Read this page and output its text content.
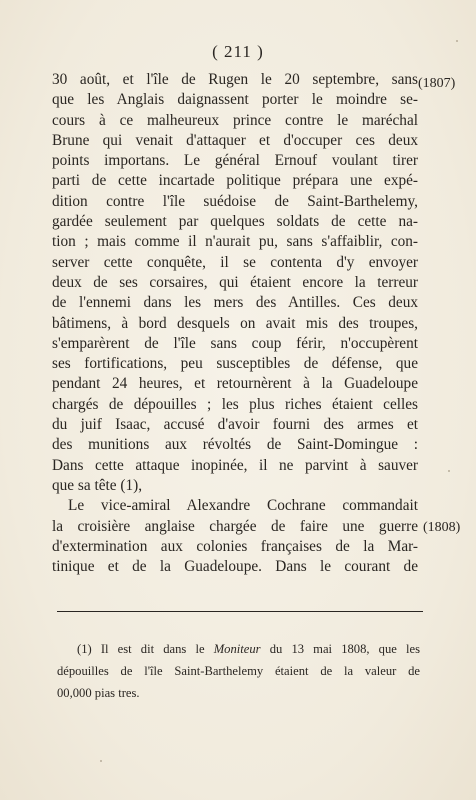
( 211 )
(1807)
(1808)
30 août, et l'île de Rugen le 20 septembre, sans
que les Anglais daignassent porter le moindre se-
cours à ce malheureux prince contre le maréchal
Brune qui venait d'attaquer et d'occuper ces deux
points importans. Le général Ernouf voulant tirer
parti de cette incartade politique prépara une expé-
dition contre l'île suédoise de Saint-Barthelemy,
gardée seulement par quelques soldats de cette na-
tion ; mais comme il n'aurait pu, sans s'affaiblir, con-
server cette conquête, il se contenta d'y envoyer
deux de ses corsaires, qui étaient encore la terreur
de l'ennemi dans les mers des Antilles. Ces deux
bâtimens, à bord desquels on avait mis des troupes,
s'emparèrent de l'île sans coup férir, n'occupèrent
ses fortifications, peu susceptibles de défense, que
pendant 24 heures, et retournèrent à la Guadeloupe
chargés de dépouilles ; les plus riches étaient celles
du juif Isaac, accusé d'avoir fourni des armes et
des munitions aux révoltés de Saint-Domingue :
Dans cette attaque inopinée, il ne parvint à sauver
que sa tête (1),
Le vice-amiral Alexandre Cochrane commandait
la croisière anglaise chargée de faire une guerre
d'extermination aux colonies françaises de la Mar-
tinique et de la Guadeloupe. Dans le courant de
(1) Il est dit dans le Moniteur du 13 mai 1808, que les
dépouilles de l'île Saint-Barthelemy étaient de la valeur de
00,000 pias tres.
